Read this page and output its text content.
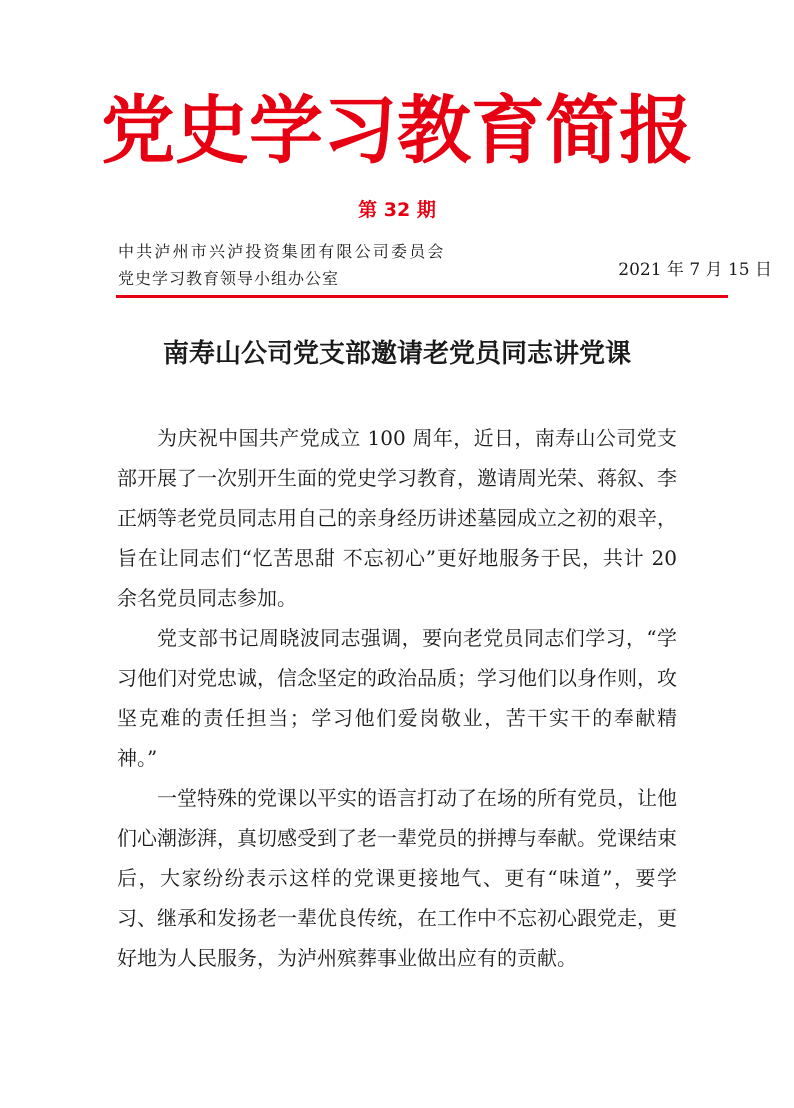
党史学习教育简报
第 32 期
中共泸州市兴泸投资集团有限公司委员会
党史学习教育领导小组办公室	2021 年 7 月 15 日
南寿山公司党支部邀请老党员同志讲党课

为庆祝中国共产党成立 100 周年，近日，南寿山公司党支部开展了一次别开生面的党史学习教育，邀请周光荣、蒋叙、李正炳等老党员同志用自己的亲身经历讲述墓园成立之初的艰辛，旨在让同志们“忆苦思甜 不忘初心”更好地服务于民，共计 20 余名党员同志参加。

党支部书记周晓波同志强调，要向老党员同志们学习，“学习他们对党忠诚，信念坚定的政治品质；学习他们以身作则，攻坚克难的责任担当；学习他们爱岗敬业，苦干实干的奉献精神。”

一堂特殊的党课以平实的语言打动了在场的所有党员，让他们心潮澎湃，真切感受到了老一辈党员的拼搏与奉献。党课结束后，大家纷纷表示这样的党课更接地气、更有“味道”，要学习、继承和发扬老一辈优良传统，在工作中不忘初心跟党走，更好地为人民服务，为泸州殡葬事业做出应有的贡献。
